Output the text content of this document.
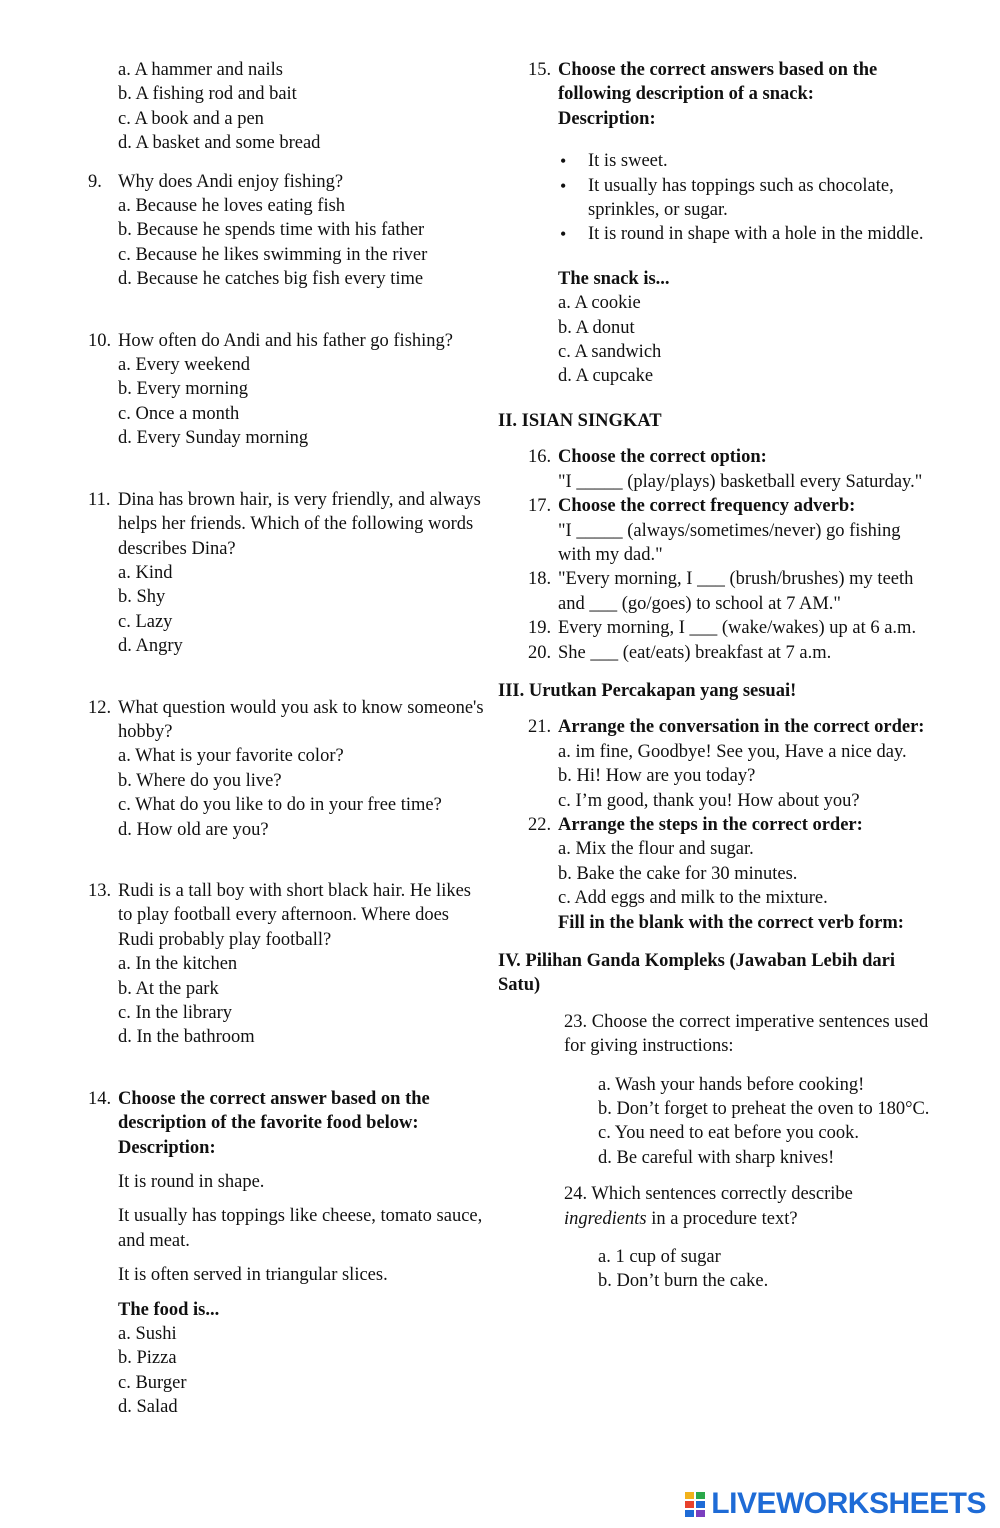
a. A hammer and nails
b. A fishing rod and bait
c. A book and a pen
d. A basket and some bread
9. Why does Andi enjoy fishing?
a. Because he loves eating fish
b. Because he spends time with his father
c. Because he likes swimming in the river
d. Because he catches big fish every time
10. How often do Andi and his father go fishing?
a. Every weekend
b. Every morning
c. Once a month
d. Every Sunday morning
11. Dina has brown hair, is very friendly, and always helps her friends. Which of the following words describes Dina?
a. Kind
b. Shy
c. Lazy
d. Angry
12. What question would you ask to know someone's hobby?
a. What is your favorite color?
b. Where do you live?
c. What do you like to do in your free time?
d. How old are you?
13. Rudi is a tall boy with short black hair. He likes to play football every afternoon. Where does Rudi probably play football?
a. In the kitchen
b. At the park
c. In the library
d. In the bathroom
14. Choose the correct answer based on the description of the favorite food below:
Description:
It is round in shape.
It usually has toppings like cheese, tomato sauce, and meat.
It is often served in triangular slices.
The food is...
a. Sushi
b. Pizza
c. Burger
d. Salad
15. Choose the correct answers based on the following description of a snack:
Description:
• It is sweet.
• It usually has toppings such as chocolate, sprinkles, or sugar.
• It is round in shape with a hole in the middle.
The snack is...
a. A cookie
b. A donut
c. A sandwich
d. A cupcake
II. ISIAN SINGKAT
16. Choose the correct option:
"I _____ (play/plays) basketball every Saturday."
17. Choose the correct frequency adverb:
"I _____ (always/sometimes/never) go fishing with my dad."
18. "Every morning, I ___ (brush/brushes) my teeth and ___ (go/goes) to school at 7 AM."
19. Every morning, I ___ (wake/wakes) up at 6 a.m.
20. She ___ (eat/eats) breakfast at 7 a.m.
III. Urutkan Percakapan yang sesuai!
21. Arrange the conversation in the correct order:
a. im fine, Goodbye! See you, Have a nice day.
b. Hi! How are you today?
c. I’m good, thank you! How about you?
22. Arrange the steps in the correct order:
a. Mix the flour and sugar.
b. Bake the cake for 30 minutes.
c. Add eggs and milk to the mixture.
Fill in the blank with the correct verb form:
IV. Pilihan Ganda Kompleks (Jawaban Lebih dari Satu)
23. Choose the correct imperative sentences used for giving instructions:
a. Wash your hands before cooking!
b. Don’t forget to preheat the oven to 180°C.
c. You need to eat before you cook.
d. Be careful with sharp knives!
24. Which sentences correctly describe ingredients in a procedure text?
a. 1 cup of sugar
b. Don’t burn the cake.
LIVEWORKSHEETS
